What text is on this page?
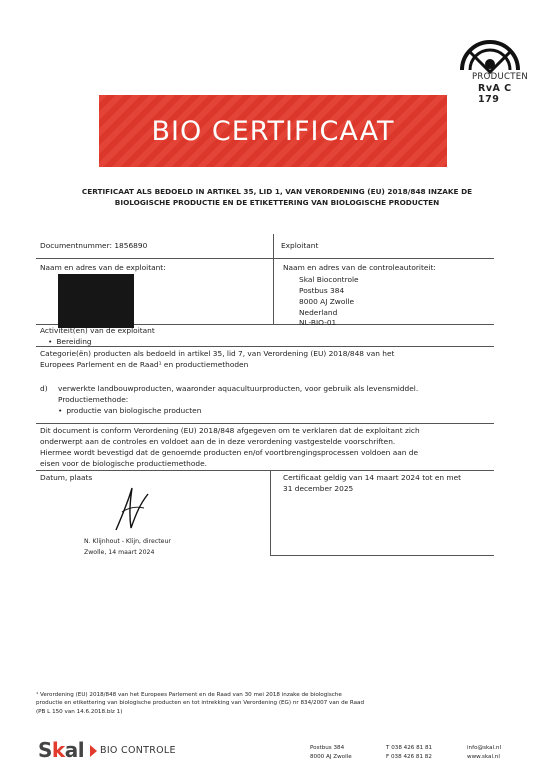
PRODUCTEN
RvA C 179
BIO CERTIFICAAT
CERTIFICAAT ALS BEDOELD IN ARTIKEL 35, LID 1, VAN VERORDENING (EU) 2018/848 INZAKE DE
BIOLOGISCHE PRODUCTIE EN DE ETIKETTERING VAN BIOLOGISCHE PRODUCTEN
Documentnummer: 1856890	Exploitant
Naam en adres van de exploitant:	Naam en adres van de controleautoriteit:
Skal Biocontrole
Postbus 384
8000 AJ Zwolle
Nederland
NL-BIO-01
Activiteit(en) van de exploitant
• Bereiding
Categorie(ën) producten als bedoeld in artikel 35, lid 7, van Verordening (EU) 2018/848 van het
Europees Parlement en de Raad¹ en productiemethoden
d) verwerkte landbouwproducten, waaronder aquacultuurproducten, voor gebruik als levensmiddel.
Productiemethode:
• productie van biologische producten
Dit document is conform Verordening (EU) 2018/848 afgegeven om te verklaren dat de exploitant zich
onderwerpt aan de controles en voldoet aan de in deze verordening vastgestelde voorschriften.
Hiermee wordt bevestigd dat de genoemde producten en/of voortbrengingsprocessen voldoen aan de
eisen voor de biologische productiemethode.
Datum, plaats	Certificaat geldig van 14 maart 2024 tot en met
31 december 2025
N. Klijnhout - Klijn, directeur
Zwolle, 14 maart 2024
¹ Verordening (EU) 2018/848 van het Europees Parlement en de Raad van 30 mei 2018 inzake de biologische
productie en etikettering van biologische producten en tot intrekking van Verordening (EG) nr 834/2007 van de Raad
(PB L 150 van 14.6.2018.blz 1)
Skal BIO CONTROLE	Postbus 384
8000 AJ Zwolle
T 038 426 81 81
F 038 426 81 82
info@skal.nl
www.skal.nl
